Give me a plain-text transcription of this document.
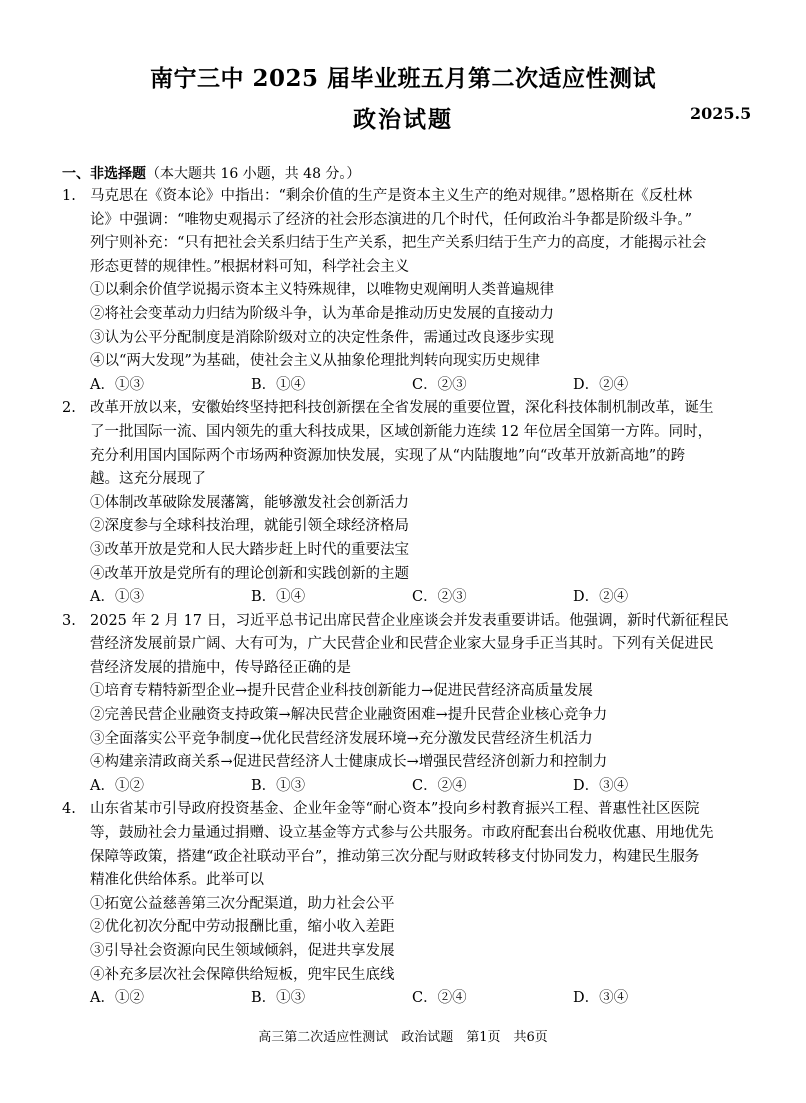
南宁三中 2025 届毕业班五月第二次适应性测试
政治试题	2025.5
一、非选择题（本大题共 16 小题，共 48 分。）
1. 马克思在《资本论》中指出：“剩余价值的生产是资本主义生产的绝对规律。”恩格斯在《反杜林
论》中强调：“唯物史观揭示了经济的社会形态演进的几个时代，任何政治斗争都是阶级斗争。”
列宁则补充：“只有把社会关系归结于生产关系，把生产关系归结于生产力的高度，才能揭示社会
形态更替的规律性。”根据材料可知，科学社会主义
①以剩余价值学说揭示资本主义特殊规律，以唯物史观阐明人类普遍规律
②将社会变革动力归结为阶级斗争，认为革命是推动历史发展的直接动力
③认为公平分配制度是消除阶级对立的决定性条件，需通过改良逐步实现
④以“两大发现”为基础，使社会主义从抽象伦理批判转向现实历史规律
A．①③	B．①④	C．②③	D．②④
2. 改革开放以来，安徽始终坚持把科技创新摆在全省发展的重要位置，深化科技体制机制改革，诞生
了一批国际一流、国内领先的重大科技成果，区域创新能力连续 12 年位居全国第一方阵。同时，
充分利用国内国际两个市场两种资源加快发展，实现了从“内陆腹地”向“改革开放新高地”的跨
越。这充分展现了
①体制改革破除发展藩篱，能够激发社会创新活力
②深度参与全球科技治理，就能引领全球经济格局
③改革开放是党和人民大踏步赶上时代的重要法宝
④改革开放是党所有的理论创新和实践创新的主题
A．①③	B．①④	C．②③	D．②④
3. 2025 年 2 月 17 日，习近平总书记出席民营企业座谈会并发表重要讲话。他强调，新时代新征程民
营经济发展前景广阔、大有可为，广大民营企业和民营企业家大显身手正当其时。下列有关促进民
营经济发展的措施中，传导路径正确的是
①培育专精特新型企业→提升民营企业科技创新能力→促进民营经济高质量发展
②完善民营企业融资支持政策→解决民营企业融资困难→提升民营企业核心竞争力
③全面落实公平竞争制度→优化民营经济发展环境→充分激发民营经济生机活力
④构建亲清政商关系→促进民营经济人士健康成长→增强民营经济创新力和控制力
A．①②	B．①③	C．②④	D．③④
4. 山东省某市引导政府投资基金、企业年金等“耐心资本”投向乡村教育振兴工程、普惠性社区医院
等，鼓励社会力量通过捐赠、设立基金等方式参与公共服务。市政府配套出台税收优惠、用地优先
保障等政策，搭建“政企社联动平台”，推动第三次分配与财政转移支付协同发力，构建民生服务
精准化供给体系。此举可以
①拓宽公益慈善第三次分配渠道，助力社会公平
②优化初次分配中劳动报酬比重，缩小收入差距
③引导社会资源向民生领域倾斜，促进共享发展
④补充多层次社会保障供给短板，兜牢民生底线
A．①②	B．①③	C．②④	D．③④
高三第二次适应性测试　政治试题　第1页　共6页
